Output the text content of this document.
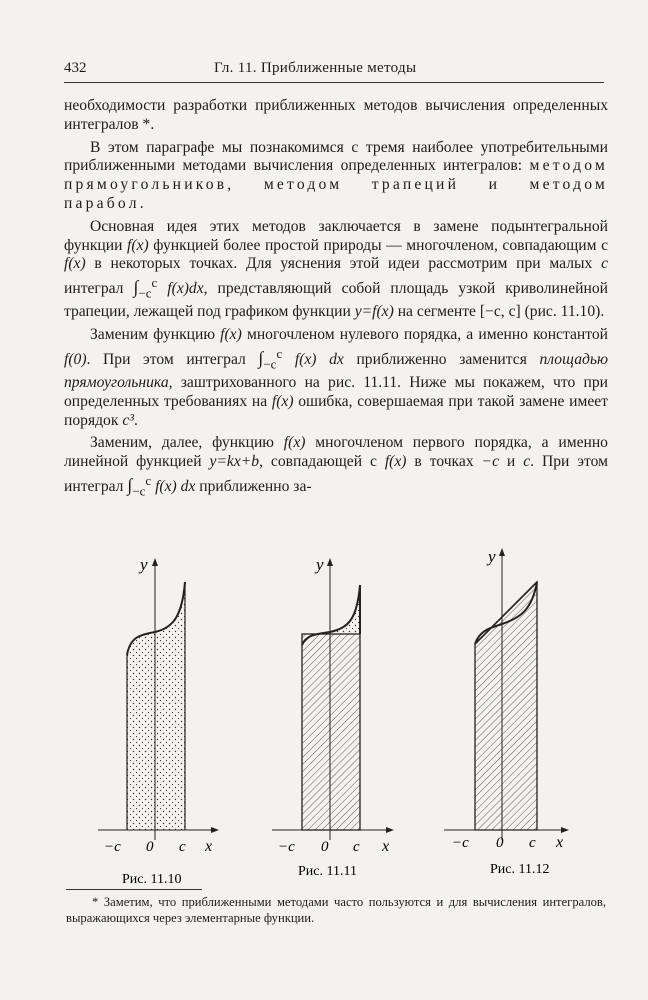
432	Гл. 11. Приближенные методы

необходимости разработки приближенных методов вычисления определенных интегралов *.

В этом параграфе мы познакомимся с тремя наиболее употребительными приближенными методами вычисления определенных интегралов: методом прямоугольников, методом трапеций и методом парабол.

Основная идея этих методов заключается в замене подынтегральной функции f(x) функцией более простой природы — многочленом, совпадающим с f(x) в некоторых точках. Для уяснения этой идеи рассмотрим при малых c интеграл $\int_{-c}^c$ f(x)dx, представляющий собой площадь узкой криволинейной трапеции, лежащей под графиком функции y=f(x) на сегменте [−c, c] (рис. 11.10).

Заменим функцию f(x) многочленом нулевого порядка, а именно константой f(0). При этом интеграл $\int_{-c}^c$ f(x) dx приближенно заменится площадью прямоугольника, заштрихованного на рис. 11.11. Ниже мы покажем, что при определенных требованиях на f(x) ошибка, совершаемая при такой замене имеет порядок c³.

Заменим, далее, функцию f(x) многочленом первого порядка, а именно линейной функцией y=kx+b, совпадающей с f(x) в точках −c и c. При этом интеграл $\int_{-c}^c$ f(x) dx приближенно за-

y
−c 0 c x
Рис. 11.10
y
−c 0 c x
Рис. 11.11
y
−c 0 c x
Рис. 11.12
* Заметим, что приближенными методами часто пользуются и для вычисления интегралов, выражающихся через элементарные функции.
